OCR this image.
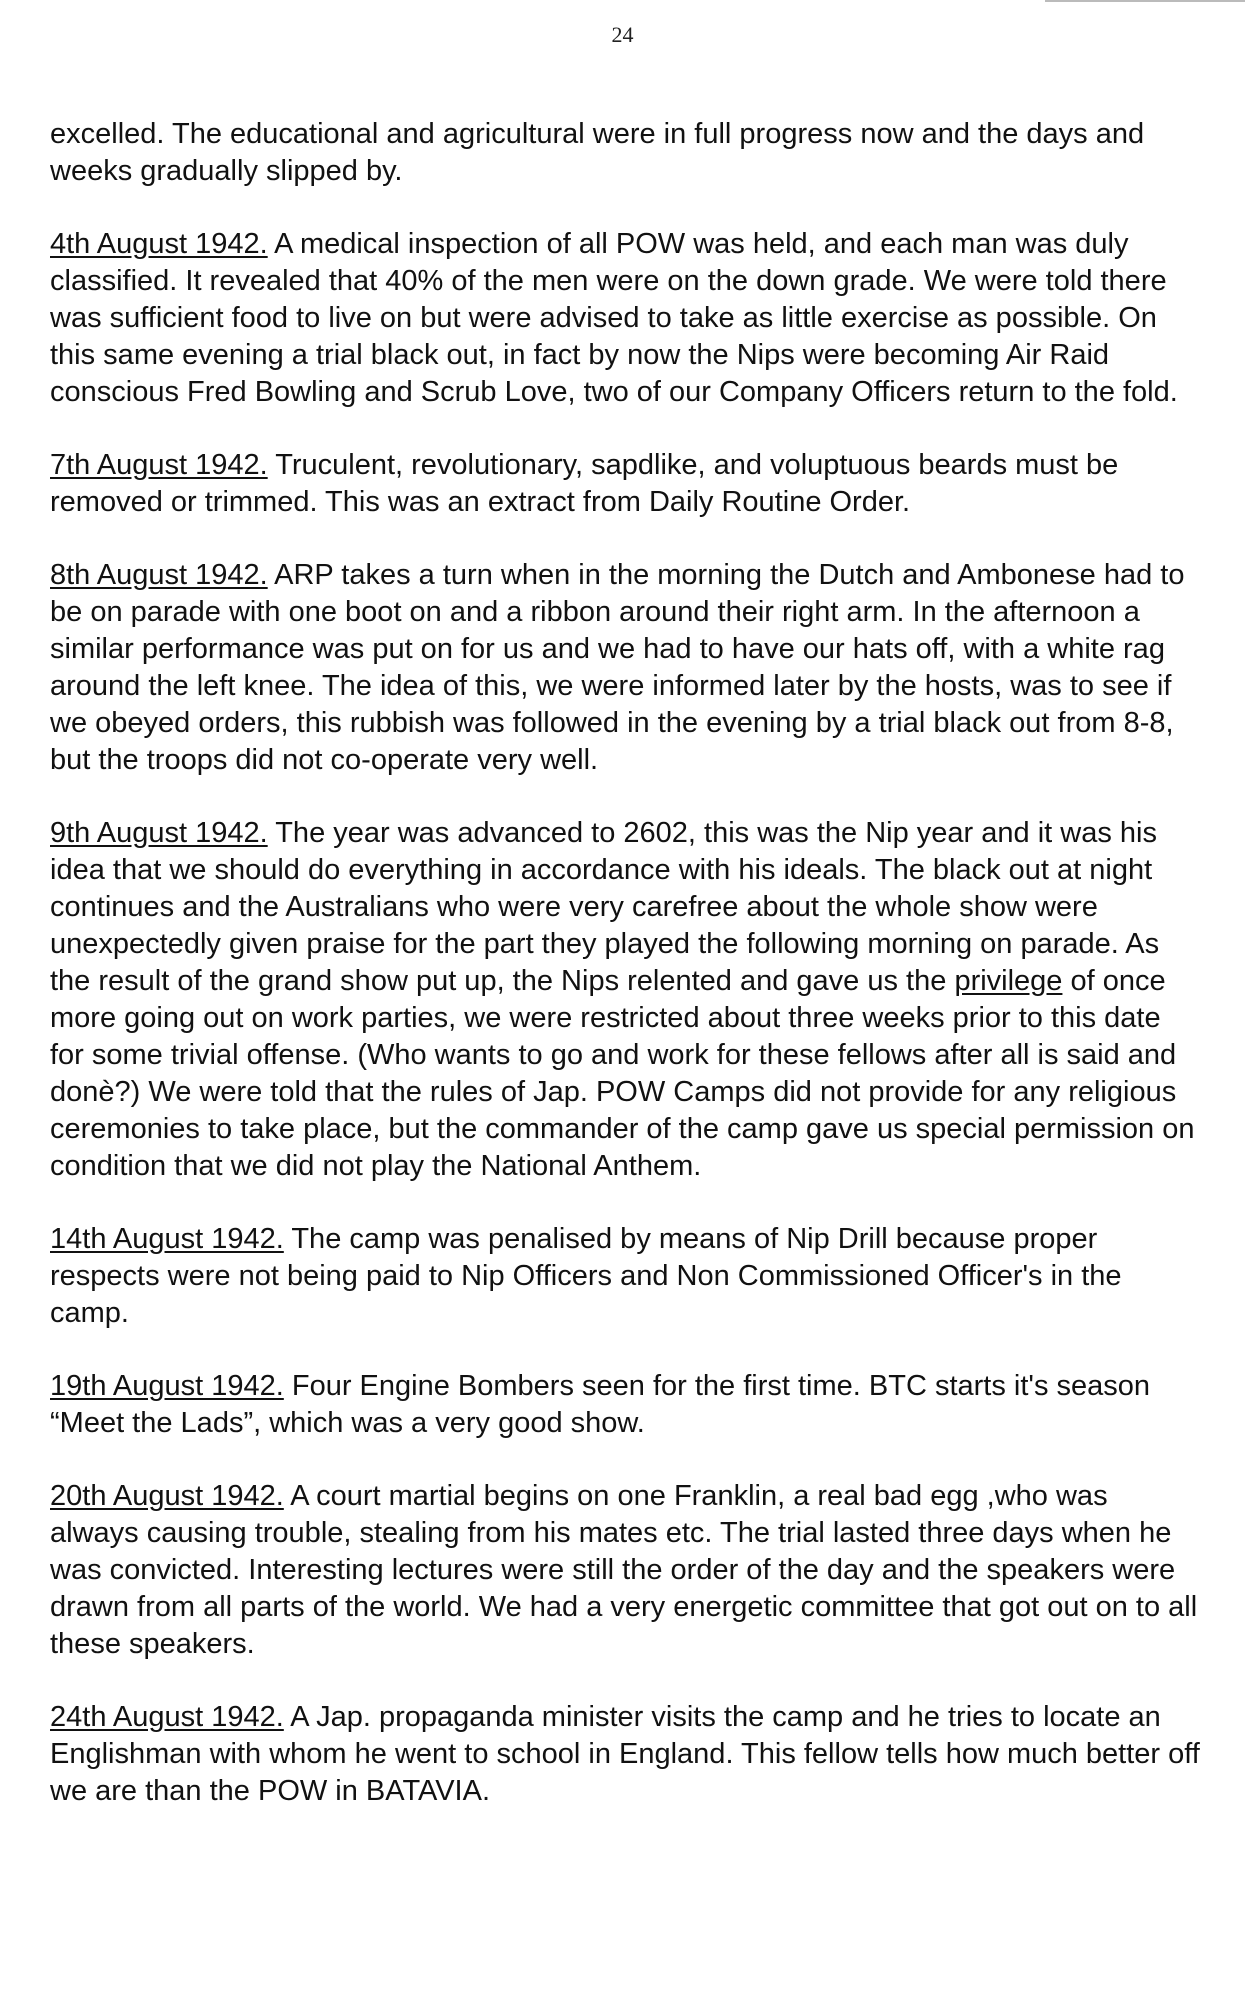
24

excelled. The educational and agricultural were in full progress now and the days and weeks gradually slipped by.

4th August 1942. A medical inspection of all POW was held, and each man was duly classified. It revealed that 40% of the men were on the down grade. We were told there was sufficient food to live on but were advised to take as little exercise as possible. On this same evening a trial black out, in fact by now the Nips were becoming Air Raid conscious Fred Bowling and Scrub Love, two of our Company Officers return to the fold.

7th August 1942. Truculent, revolutionary, sapdlike, and voluptuous beards must be removed or trimmed. This was an extract from Daily Routine Order.

8th August 1942. ARP takes a turn when in the morning the Dutch and Ambonese had to be on parade with one boot on and a ribbon around their right arm. In the afternoon a similar performance was put on for us and we had to have our hats off, with a white rag around the left knee. The idea of this, we were informed later by the hosts, was to see if we obeyed orders, this rubbish was followed in the evening by a trial black out from 8-8, but the troops did not co-operate very well.

9th August 1942. The year was advanced to 2602, this was the Nip year and it was his idea that we should do everything in accordance with his ideals. The black out at night continues and the Australians who were very carefree about the whole show were unexpectedly given praise for the part they played the following morning on parade. As the result of the grand show put up, the Nips relented and gave us the privilege of once more going out on work parties, we were restricted about three weeks prior to this date for some trivial offense. (Who wants to go and work for these fellows after all is said and donè?) We were told that the rules of Jap. POW Camps did not provide for any religious ceremonies to take place, but the commander of the camp gave us special permission on condition that we did not play the National Anthem.

14th August 1942. The camp was penalised by means of Nip Drill because proper respects were not being paid to Nip Officers and Non Commissioned Officer's in the camp.

19th August 1942. Four Engine Bombers seen for the first time. BTC starts it's season “Meet the Lads”, which was a very good show.

20th August 1942. A court martial begins on one Franklin, a real bad egg ,who was always causing trouble, stealing from his mates etc. The trial lasted three days when he was convicted. Interesting lectures were still the order of the day and the speakers were drawn from all parts of the world. We had a very energetic committee that got out on to all these speakers.

24th August 1942. A Jap. propaganda minister visits the camp and he tries to locate an Englishman with whom he went to school in England. This fellow tells how much better off we are than the POW in BATAVIA.
